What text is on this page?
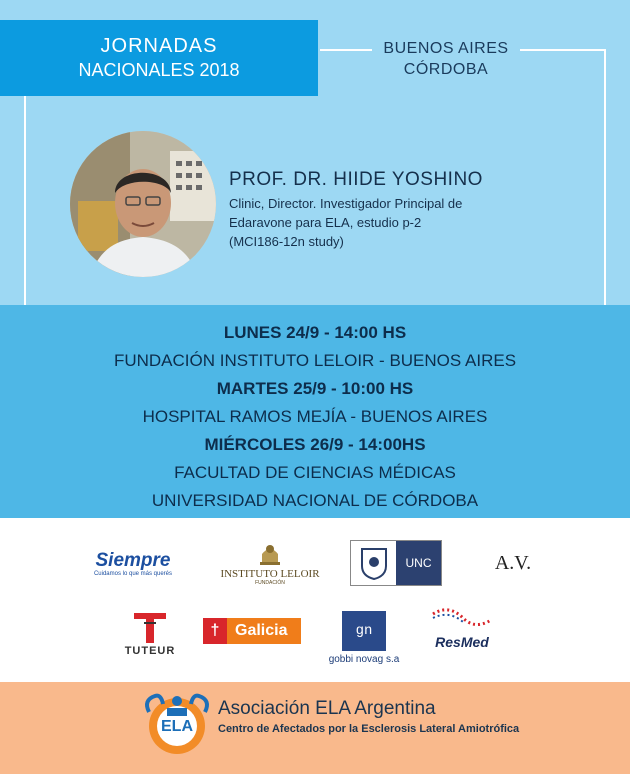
JORNADAS
NACIONALES 2018
BUENOS AIRES
CÓRDOBA
PROF. DR. HIIDE YOSHINO
Clinic, Director. Investigador Principal de
Edaravone para ELA, estudio p-2
(MCI186-12n study)
LUNES 24/9 - 14:00 HS
FUNDACIÓN INSTITUTO LELOIR - BUENOS AIRES
MARTES 25/9 - 10:00 HS
HOSPITAL RAMOS MEJÍA - BUENOS AIRES
MIÉRCOLES 26/9 - 14:00HS
FACULTAD DE CIENCIAS MÉDICAS
UNIVERSIDAD NACIONAL DE CÓRDOBA
Siempre
Cuidamos lo que más querés	INSTITUTO LELOIR
FUNDACIÓN
UNC	A.V.
TUTEUR
† Galicia	gn
gobbi novag s.a
ResMed
ELA
Asociación ELA Argentina
Centro de Afectados por la Esclerosis Lateral Amiotrófica
